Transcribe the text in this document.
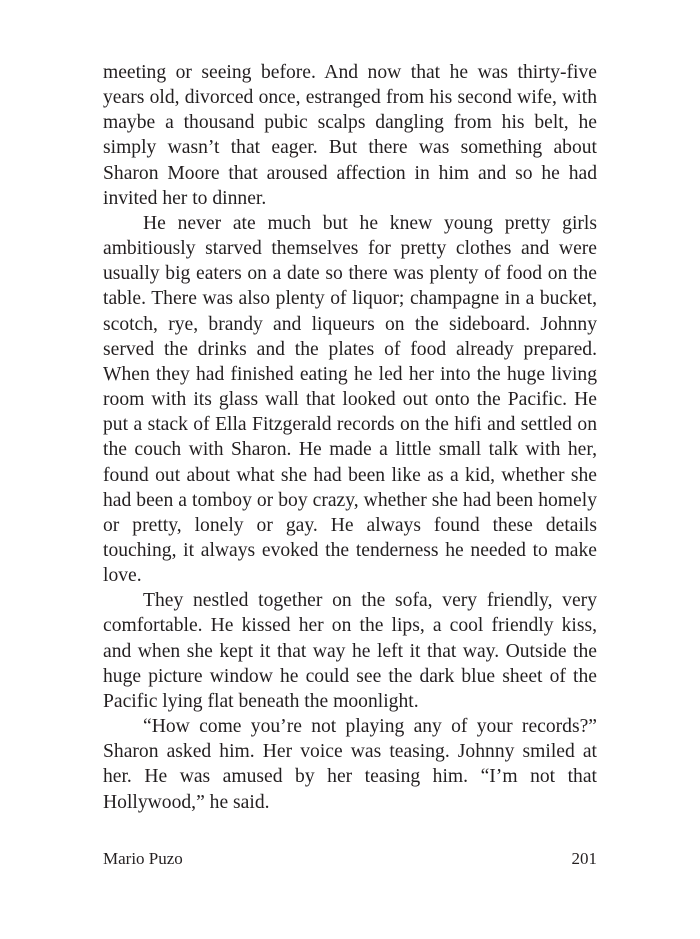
meeting or seeing before. And now that he was thirty-five years old, divorced once, estranged from his second wife, with maybe a thousand pubic scalps dangling from his belt, he simply wasn’t that eager. But there was something about Sharon Moore that aroused affection in him and so he had invited her to dinner.

He never ate much but he knew young pretty girls ambitiously starved themselves for pretty clothes and were usually big eaters on a date so there was plenty of food on the table. There was also plenty of liquor; champagne in a bucket, scotch, rye, brandy and liqueurs on the sideboard. Johnny served the drinks and the plates of food already prepared. When they had finished eating he led her into the huge living room with its glass wall that looked out onto the Pacific. He put a stack of Ella Fitzgerald records on the hifi and settled on the couch with Sharon. He made a little small talk with her, found out about what she had been like as a kid, whether she had been a tomboy or boy crazy, whether she had been homely or pretty, lonely or gay. He always found these details touching, it always evoked the tenderness he needed to make love.

They nestled together on the sofa, very friendly, very comfortable. He kissed her on the lips, a cool friendly kiss, and when she kept it that way he left it that way. Outside the huge picture window he could see the dark blue sheet of the Pacific lying flat beneath the moonlight.

“How come you’re not playing any of your records?” Sharon asked him. Her voice was teasing. Johnny smiled at her. He was amused by her teasing him. “I’m not that Hollywood,” he said.

Mario Puzo	201
